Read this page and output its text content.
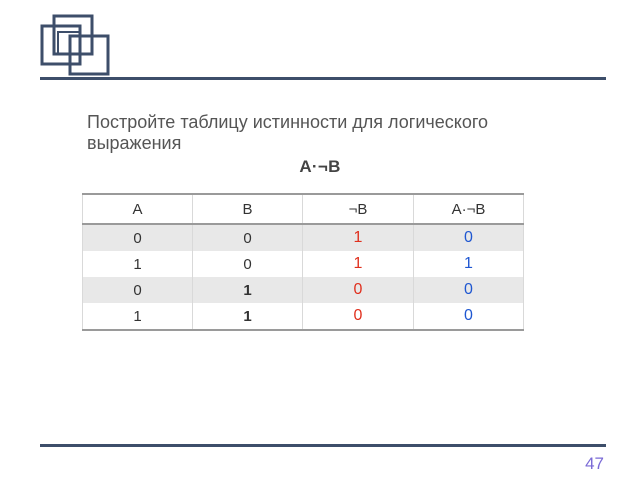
Постройте таблицу истинности для логического выражения
A·¬B
A	B	¬B	A·¬B
0	0	1	0
1	0	1	1
0	1	0	0
1	1	0	0
47
